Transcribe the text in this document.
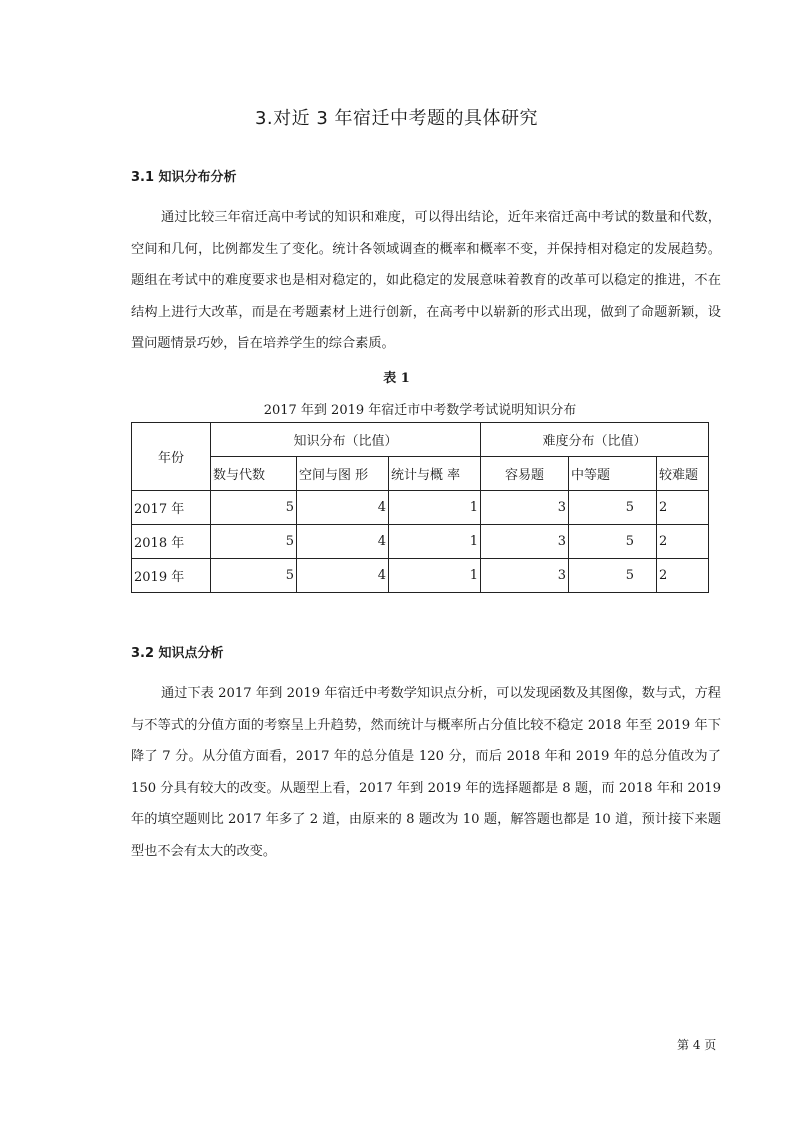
3.对近 3 年宿迁中考题的具体研究
3.1 知识分布分析

通过比较三年宿迁高中考试的知识和难度，可以得出结论，近年来宿迁高中考试的数量和代数，空间和几何，比例都发生了变化。统计各领域调查的概率和概率不变，并保持相对稳定的发展趋势。题组在考试中的难度要求也是相对稳定的，如此稳定的发展意味着教育的改革可以稳定的推进，不在结构上进行大改革，而是在考题素材上进行创新，在高考中以崭新的形式出现，做到了命题新颖，设置问题情景巧妙，旨在培养学生的综合素质。

表 1
2017 年到 2019 年宿迁市中考数学考试说明知识分布
年份	知识分布（比值）			难度分布（比值）		
	数与代数	空间与图 形	统计与概 率	容易题	中等题	较难题
2017 年	5	4	1	3	5	2
2018 年	5	4	1	3	5	2
2019 年	5	4	1	3	5	2
3.2 知识点分析

通过下表 2017 年到 2019 年宿迁中考数学知识点分析，可以发现函数及其图像，数与式，方程与不等式的分值方面的考察呈上升趋势，然而统计与概率所占分值比较不稳定 2018 年至 2019 年下降了 7 分。从分值方面看，2017 年的总分值是 120 分，而后 2018 年和 2019 年的总分值改为了 150 分具有较大的改变。从题型上看，2017 年到 2019 年的选择题都是 8 题，而 2018 年和 2019 年的填空题则比 2017 年多了 2 道，由原来的 8 题改为 10 题，解答题也都是 10 道，预计接下来题型也不会有太大的改变。

第 4 页
